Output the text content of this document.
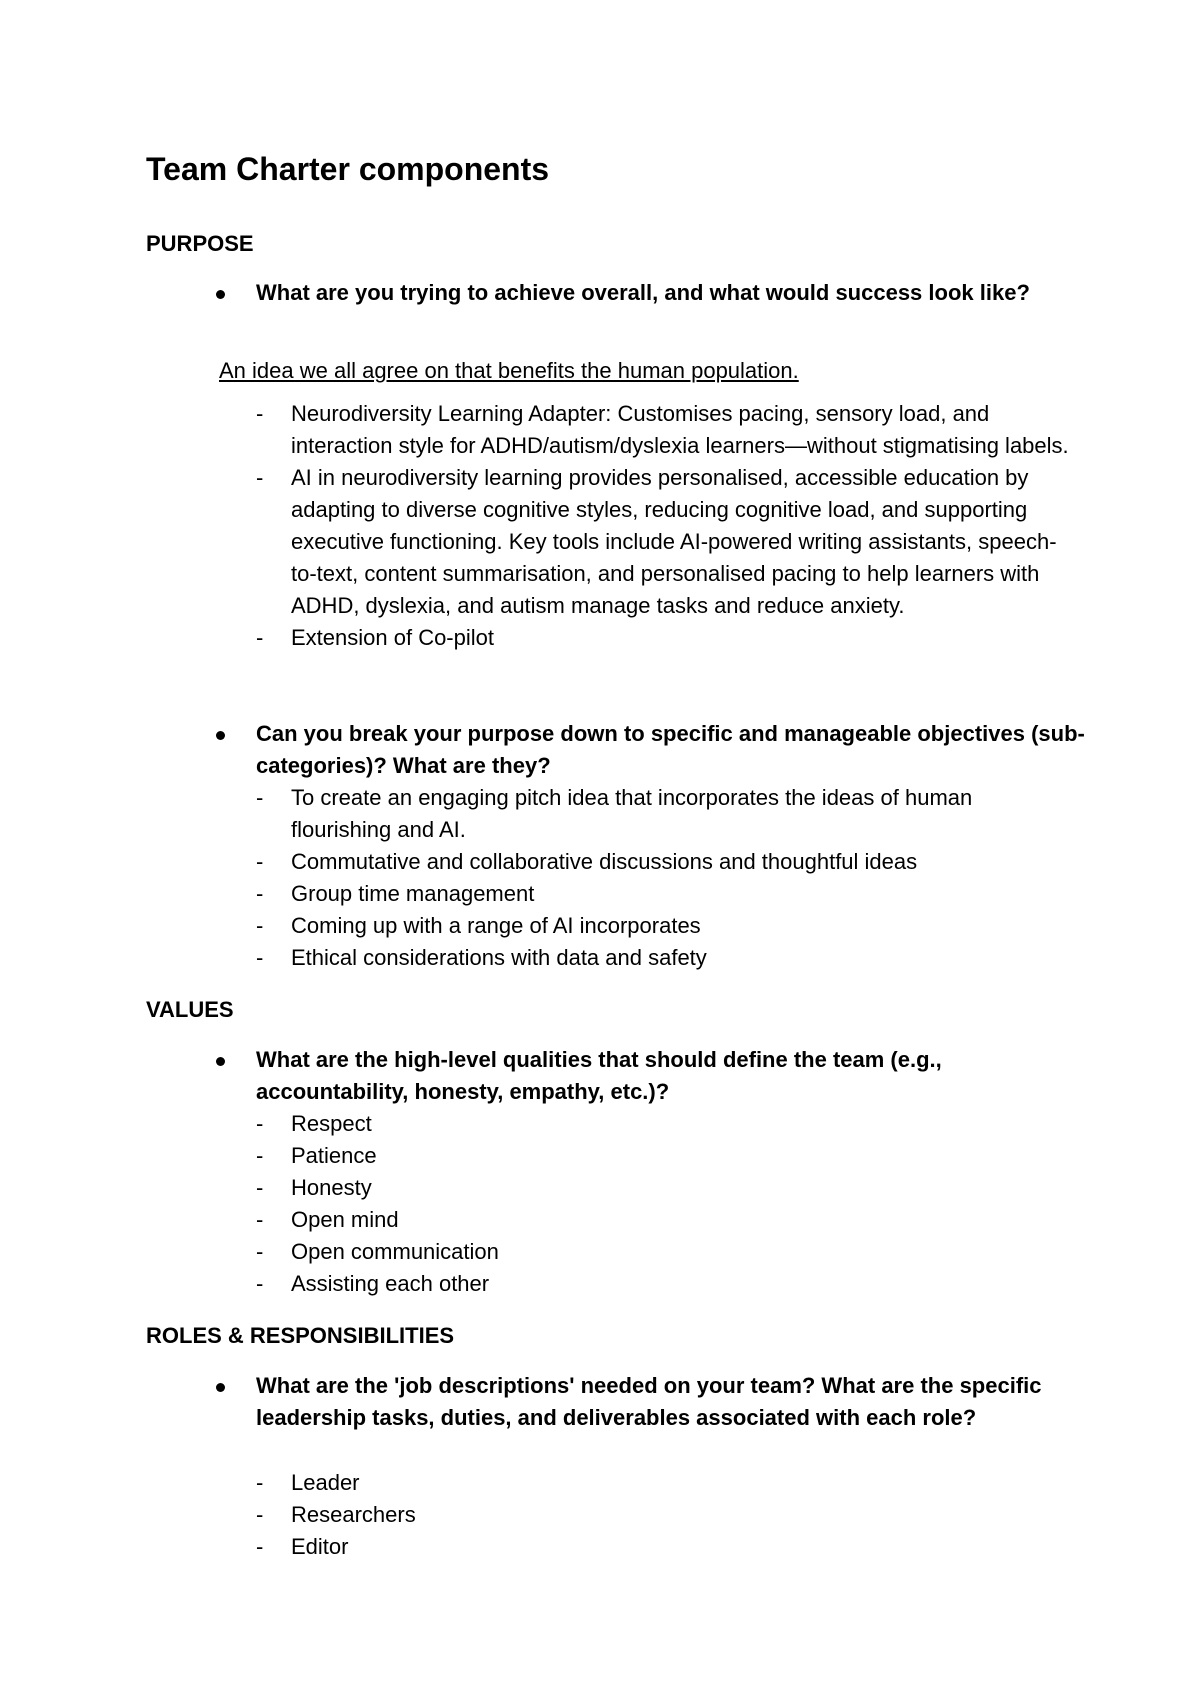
Team Charter components
PURPOSE

What are you trying to achieve overall, and what would success look like?

An idea we all agree on that benefits the human population.

- Neurodiversity Learning Adapter: Customises pacing, sensory load, and interaction style for ADHD/autism/dyslexia learners—without stigmatising labels.
- AI in neurodiversity learning provides personalised, accessible education by adapting to diverse cognitive styles, reducing cognitive load, and supporting executive functioning. Key tools include AI-powered writing assistants, speech-to-text, content summarisation, and personalised pacing to help learners with ADHD, dyslexia, and autism manage tasks and reduce anxiety.
- Extension of Co-pilot

Can you break your purpose down to specific and manageable objectives (sub-categories)? What are they?

- To create an engaging pitch idea that incorporates the ideas of human flourishing and AI.
- Commutative and collaborative discussions and thoughtful ideas
- Group time management
- Coming up with a range of AI incorporates
- Ethical considerations with data and safety
VALUES

What are the high-level qualities that should define the team (e.g., accountability, honesty, empathy, etc.)?

- Respect
- Patience
- Honesty
- Open mind
- Open communication
- Assisting each other
ROLES & RESPONSIBILITIES

What are the 'job descriptions' needed on your team? What are the specific leadership tasks, duties, and deliverables associated with each role?

- Leader
- Researchers
- Editor
